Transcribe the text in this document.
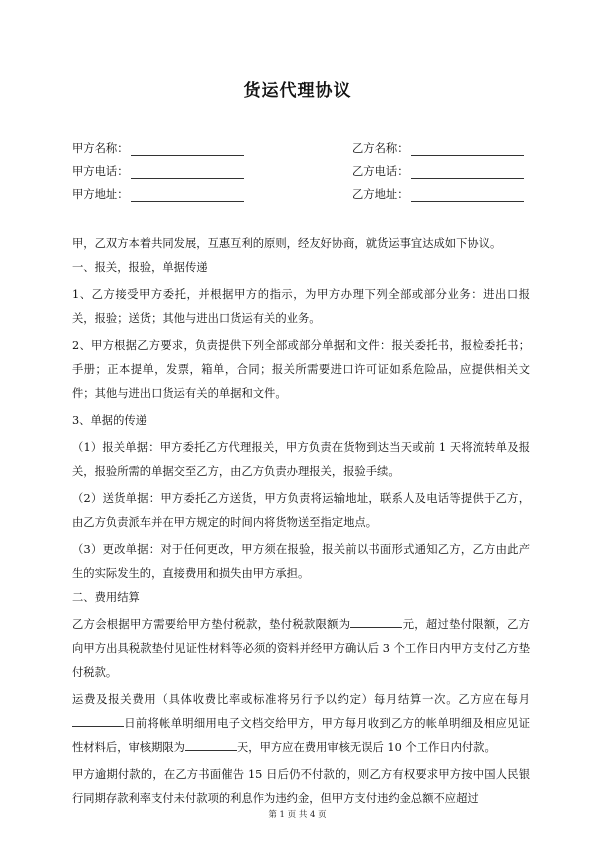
货运代理协议
甲方名称：
甲方电话：
甲方地址：
乙方名称：
乙方电话：
乙方地址：

甲，乙双方本着共同发展，互惠互利的原则，经友好协商，就货运事宜达成如下协议。

一、报关，报验，单据传递

1、乙方接受甲方委托，并根据甲方的指示，为甲方办理下列全部或部分业务：进出口报关，报验；送货；其他与进出口货运有关的业务。

2、甲方根据乙方要求，负责提供下列全部或部分单据和文件：报关委托书，报检委托书；手册；正本提单，发票，箱单，合同；报关所需要进口许可证如系危险品，应提供相关文件；其他与进出口货运有关的单据和文件。

3、单据的传递

（1）报关单据：甲方委托乙方代理报关，甲方负责在货物到达当天或前 1 天将流转单及报关，报验所需的单据交至乙方，由乙方负责办理报关，报验手续。

（2）送货单据：甲方委托乙方送货，甲方负责将运输地址，联系人及电话等提供于乙方，由乙方负责派车并在甲方规定的时间内将货物送至指定地点。

（3）更改单据：对于任何更改，甲方须在报验，报关前以书面形式通知乙方，乙方由此产生的实际发生的，直接费用和损失由甲方承担。

二、费用结算

乙方会根据甲方需要给甲方垫付税款，垫付税款限额为	元，超过垫付限额，乙方向甲方出具税款垫付见证性材料等必须的资料并经甲方确认后 3 个工作日内甲方支付乙方垫付税款。

运费及报关费用（具体收费比率或标准将另行予以约定）每月结算一次。乙方应在每月日前将帐单明细用电子文档交给甲方，甲方每月收到乙方的帐单明细及相应见证性材料后，审核期限为	天，甲方应在费用审核无误后 10 个工作日内付款。

甲方逾期付款的，在乙方书面催告 15 日后仍不付款的，则乙方有权要求甲方按中国人民银行同期存款利率支付未付款项的利息作为违约金，但甲方支付违约金总额不应超过

第 1 页 共 4 页
